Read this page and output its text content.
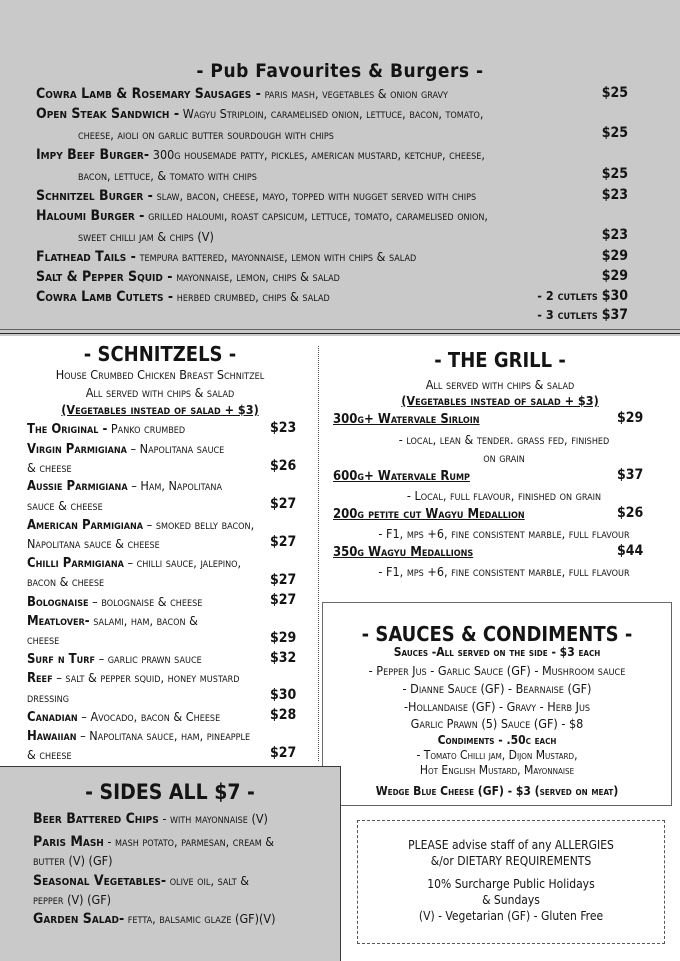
- Pub Favourites & Burgers -
Cowra Lamb & Rosemary Sausages - paris mash, vegetables & onion gravy	$25
Open Steak Sandwich - Wagyu Striploin, caramelised onion, lettuce, bacon, tomato,
cheese, aioli on garlic butter sourdough with chips	$25
Impy Beef Burger- 300g housemade patty, pickles, american mustard, ketchup, cheese,
bacon, lettuce, & tomato with chips	$25
Schnitzel Burger - slaw, bacon, cheese, mayo, topped with nugget served with chips	$23
Haloumi Burger - grilled haloumi, roast capsicum, lettuce, tomato, caramelised onion,
sweet chilli jam & chips (V)	$23
Flathead Tails - tempura battered, mayonnaise, lemon with chips & salad	$29
Salt & Pepper Squid - mayonnaise, lemon, chips & salad	$29
Cowra Lamb Cutlets - herbed crumbed, chips & salad	- 2 cutlets $30
- 3 cutlets $37
- SCHNITZELS -
House Crumbed Chicken Breast Schnitzel
All served with chips & salad
(Vegetables instead of salad + $3)
The Original - Panko crumbed	$23
Virgin Parmigiana – Napolitana sauce
& cheese	$26
Aussie Parmigiana – Ham, Napolitana
sauce & cheese	$27
American Parmigiana – smoked belly bacon,
Napolitana sauce & cheese	$27
Chilli Parmigiana – chilli sauce, jalepino,
bacon & cheese	$27
Bolognaise – bolognaise & cheese	$27
Meatlover- salami, ham, bacon &
cheese	$29
Surf n Turf – garlic prawn sauce	$32
Reef – salt & pepper squid, honey mustard
dressing	$30
Canadian – Avocado, bacon & Cheese	$28
Hawaiian – Napolitana sauce, ham, pineapple
& cheese	$27
- THE GRILL -
All served with chips & salad
(Vegetables instead of salad + $3)
300g+ Watervale Sirloin	$29
- local, lean & tender. grass fed, finished
on grain
600g+ Watervale Rump	$37
- Local, full flavour, finished on grain
200g petite cut Wagyu Medallion	$26
- F1, mps +6, fine consistent marble, full flavour
350g Wagyu Medallions	$44
- F1, mps +6, fine consistent marble, full flavour
- SAUCES & CONDIMENTS -
Sauces -All served on the side - $3 each
- Pepper Jus - Garlic Sauce (GF) - Mushroom sauce
- Dianne Sauce (GF) - Bearnaise (GF)
-Hollandaise (GF) - Gravy - Herb Jus
Garlic Prawn (5) Sauce (GF) - $8
Condiments - .50c each
- Tomato Chilli jam, Dijon Mustard,
Hot English Mustard, Mayonnaise
Wedge Blue Cheese (GF) - $3 (served on meat)
- SIDES ALL $7 -
Beer Battered Chips - with mayonnaise (V)
Paris Mash - mash potato, parmesan, cream &
butter (V) (GF)
Seasonal Vegetables- olive oil, salt &
pepper (V) (GF)
Garden Salad- fetta, balsamic glaze (GF)(V)
PLEASE advise staff of any ALLERGIES
&/or DIETARY REQUIREMENTS
10% Surcharge Public Holidays
& Sundays
(V) - Vegetarian (GF) - Gluten Free
